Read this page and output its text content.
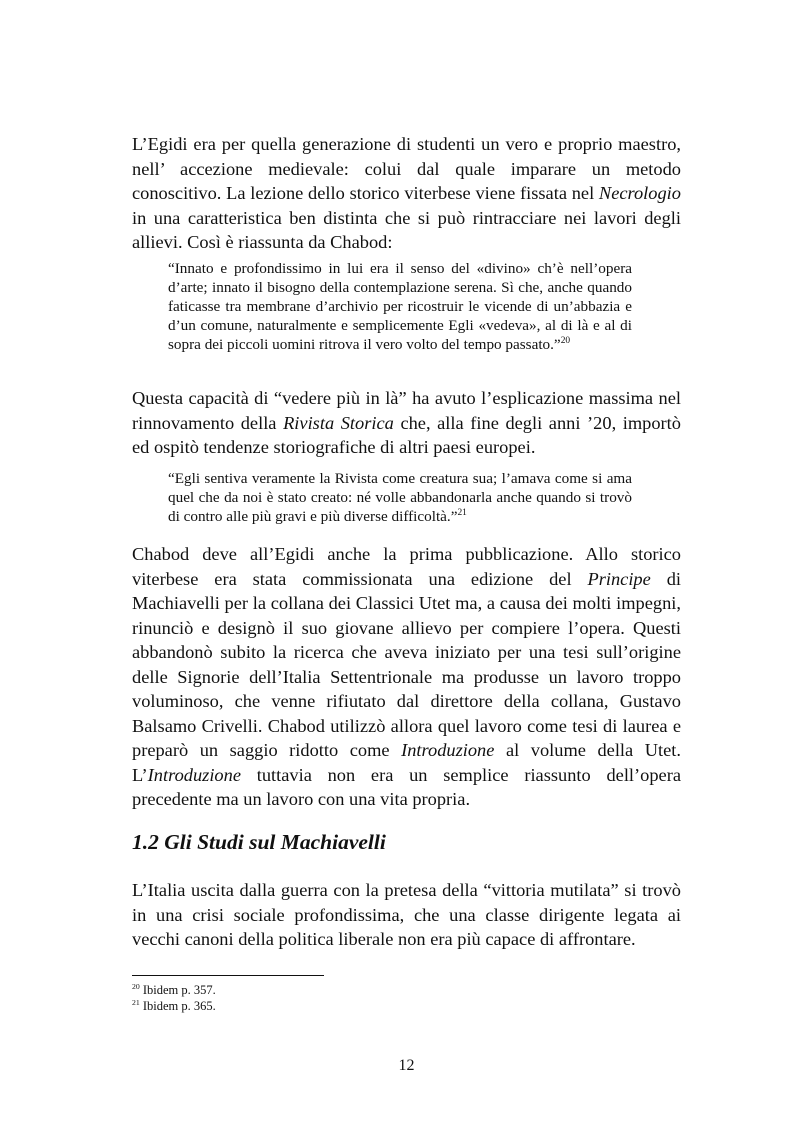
L’Egidi era per quella generazione di studenti un vero e proprio maestro, nell’ accezione medievale: colui dal quale imparare un metodo conoscitivo. La lezione dello storico viterbese viene fissata nel Necrologio in una caratteristica ben distinta che si può rintracciare nei lavori degli allievi. Così è riassunta da Chabod:

“Innato e profondissimo in lui era il senso del «divino» ch’è nell’opera d’arte; innato il bisogno della contemplazione serena. Sì che, anche quando faticasse tra membrane d’archivio per ricostruir le vicende di un’abbazia e d’un comune, naturalmente e semplicemente Egli «vedeva», al di là e al di sopra dei piccoli uomini ritrova il vero volto del tempo passato.”$^{20}$

Questa capacità di “vedere più in là” ha avuto l’esplicazione massima nel rinnovamento della Rivista Storica che, alla fine degli anni ’20, importò ed ospitò tendenze storiografiche di altri paesi europei.

“Egli sentiva veramente la Rivista come creatura sua; l’amava come si ama quel che da noi è stato creato: né volle abbandonarla anche quando si trovò di contro alle più gravi e più diverse difficoltà.”$^{21}$

Chabod deve all’Egidi anche la prima pubblicazione. Allo storico viterbese era stata commissionata una edizione del Principe di Machiavelli per la collana dei Classici Utet ma, a causa dei molti impegni, rinunciò e designò il suo giovane allievo per compiere l’opera. Questi abbandonò subito la ricerca che aveva iniziato per una tesi sull’origine delle Signorie dell’Italia Settentrionale ma produsse un lavoro troppo voluminoso, che venne rifiutato dal direttore della collana, Gustavo Balsamo Crivelli. Chabod utilizzò allora quel lavoro come tesi di laurea e preparò un saggio ridotto come Introduzione al volume della Utet. L’Introduzione tuttavia non era un semplice riassunto dell’opera precedente ma un lavoro con una vita propria.

1.2 Gli Studi sul Machiavelli

L’Italia uscita dalla guerra con la pretesa della “vittoria mutilata” si trovò in una crisi sociale profondissima, che una classe dirigente legata ai vecchi canoni della politica liberale non era più capace di affrontare.

$^{20}$ Ibidem p. 357.

$^{21}$ Ibidem p. 365.

12
